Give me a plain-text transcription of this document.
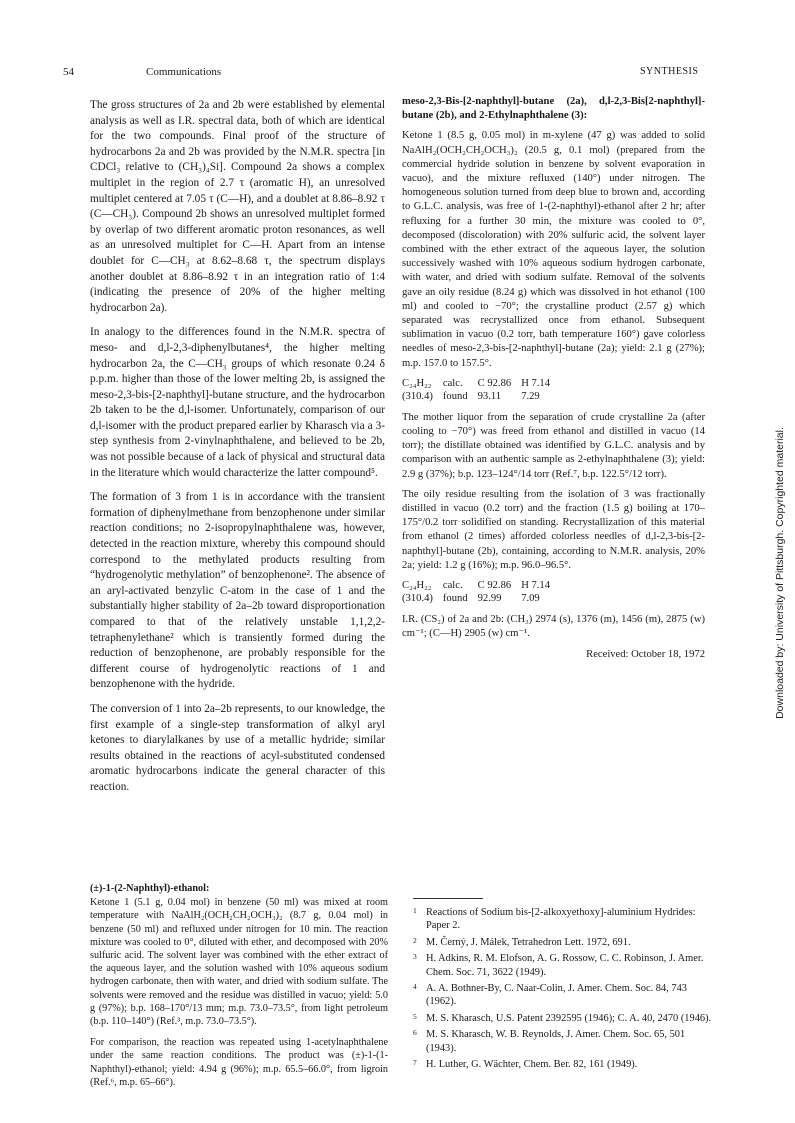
54	Communications	SYNTHESIS

The gross structures of 2a and 2b were established by elemental analysis as well as I.R. spectral data, both of which are identical for the two compounds. Final proof of the structure of hydrocarbons 2a and 2b was provided by the N.M.R. spectra [in CDCl₃ relative to (CH₃)₄Si]. Compound 2a shows a complex multiplet in the region of 2.7 τ (aromatic H), an unresolved multiplet centered at 7.05 τ (C—H), and a doublet at 8.86–8.92 τ (C—CH₃). Compound 2b shows an unresolved multiplet formed by overlap of two different aromatic proton resonances, as well as an unresolved multiplet for C—H. Apart from an intense doublet for C—CH₃ at 8.62–8.68 τ, the spectrum displays another doublet at 8.86–8.92 τ in an integration ratio of 1:4 (indicating the presence of 20% of the higher melting hydrocarbon 2a).

In analogy to the differences found in the N.M.R. spectra of meso- and d,l-2,3-diphenylbutanes⁴, the higher melting hydrocarbon 2a, the C—CH₃ groups of which resonate 0.24 δ p.p.m. higher than those of the lower melting 2b, is assigned the meso-2,3-bis-[2-naphthyl]-butane structure, and the hydrocarbon 2b taken to be the d,l-isomer. Unfortunately, comparison of our d,l-isomer with the product prepared earlier by Kharasch via a 3-step synthesis from 2-vinylnaphthalene, and believed to be 2b, was not possible because of a lack of physical and structural data in the literature which would characterize the latter compound⁵.

The formation of 3 from 1 is in accordance with the transient formation of diphenylmethane from benzophenone under similar reaction conditions; no 2-isopropylnaphthalene was, however, detected in the reaction mixture, whereby this compound should correspond to the methylated products resulting from “hydrogenolytic methylation” of benzophenone². The absence of an aryl-activated benzylic C-atom in the case of 1 and the substantially higher stability of 2a–2b toward disproportionation compared to that of the relatively unstable 1,1,2,2-tetraphenylethane² which is transiently formed during the reduction of benzophenone, are probably responsible for the different course of hydrogenolytic reactions of 1 and benzophenone with the hydride.

The conversion of 1 into 2a–2b represents, to our knowledge, the first example of a single-step transformation of alkyl aryl ketones to diarylalkanes by use of a metallic hydride; similar results obtained in the reactions of acyl-substituted condensed aromatic hydrocarbons indicate the general character of this reaction.

(±)-1-(2-Naphthyl)-ethanol:

Ketone 1 (5.1 g, 0.04 mol) in benzene (50 ml) was mixed at room temperature with NaAlH₂(OCH₂CH₂OCH₃)₂ (8.7 g, 0.04 mol) in benzene (50 ml) and refluxed under nitrogen for 10 min. The reaction mixture was cooled to 0°, diluted with ether, and decomposed with 20% sulfuric acid. The solvent layer was combined with the ether extract of the aqueous layer, and the solution washed with 10% aqueous sodium hydrogen carbonate, then with water, and dried with sodium sulfate. The solvents were removed and the residue was distilled in vacuo; yield: 5.0 g (97%); b.p. 168–170°/13 mm; m.p. 73.0–73.5°, from light petroleum (b.p. 110–140°) (Ref.³, m.p. 73.0–73.5°).

For comparison, the reaction was repeated using 1-acetylnaphthalene under the same reaction conditions. The product was (±)-1-(1-Naphthyl)-ethanol; yield: 4.94 g (96%); m.p. 65.5–66.0°, from ligroin (Ref.⁶, m.p. 65–66°).

meso-2,3-Bis-[2-naphthyl]-butane (2a), d,l-2,3-Bis[2-naphthyl]-butane (2b), and 2-Ethylnaphthalene (3):

Ketone 1 (8.5 g, 0.05 mol) in m-xylene (47 g) was added to solid NaAlH₂(OCH₂CH₂OCH₃)₂ (20.5 g, 0.1 mol) (prepared from the commercial hydride solution in benzene by solvent evaporation in vacuo), and the mixture refluxed (140°) under nitrogen. The homogeneous solution turned from deep blue to brown and, according to G.L.C. analysis, was free of 1-(2-naphthyl)-ethanol after 2 hr; after refluxing for a further 30 min, the mixture was cooled to 0°, decomposed (discoloration) with 20% sulfuric acid, the solvent layer combined with the ether extract of the aqueous layer, the solution successively washed with 10% aqueous sodium hydrogen carbonate, with water, and dried with sodium sulfate. Removal of the solvents gave an oily residue (8.24 g) which was dissolved in hot ethanol (100 ml) and cooled to −70°; the crystalline product (2.57 g) which separated was recrystallized once from ethanol. Subsequent sublimation in vacuo (0.2 torr, bath temperature 160°) gave colorless needles of meso-2,3-bis-[2-naphthyl]-butane (2a); yield: 2.1 g (27%); m.p. 157.0 to 157.5°.

C₂₄H₂₂	calc.	C 92.86	H 7.14
(310.4)	found	93.11	7.29

The mother liquor from the separation of crude crystalline 2a (after cooling to −70°) was freed from ethanol and distilled in vacuo (14 torr); the distillate obtained was identified by G.L.C. analysis and by comparison with an authentic sample as 2-ethylnaphthalene (3); yield: 2.9 g (37%); b.p. 123–124°/14 torr (Ref.⁷, b.p. 122.5°/12 torr).

The oily residue resulting from the isolation of 3 was fractionally distilled in vacuo (0.2 torr) and the fraction (1.5 g) boiling at 170–175°/0.2 torr solidified on standing. Recrystallization of this material from ethanol (2 times) afforded colorless needles of d,l-2,3-bis-[2-naphthyl]-butane (2b), containing, according to N.M.R. analysis, 20% 2a; yield: 1.2 g (16%); m.p. 96.0–96.5°.

C₂₄H₂₂	calc.	C 92.86	H 7.14
(310.4)	found	92.99	7.09

I.R. (CS₂) of 2a and 2b: (CH₃) 2974 (s), 1376 (m), 1456 (m), 2875 (w) cm⁻¹; (C—H) 2905 (w) cm⁻¹.

Received: October 18, 1972

1 Reactions of Sodium bis-[2-alkoxyethoxy]-aluminium Hydrides: Paper 2.
2 M. Černý, J. Málek, Tetrahedron Lett. 1972, 691.
3 H. Adkins, R. M. Elofson, A. G. Rossow, C. C. Robinson, J. Amer. Chem. Soc. 71, 3622 (1949).
4 A. A. Bothner-By, C. Naar-Colin, J. Amer. Chem. Soc. 84, 743 (1962).
5 M. S. Kharasch, U.S. Patent 2392595 (1946); C. A. 40, 2470 (1946).
6 M. S. Kharasch, W. B. Reynolds, J. Amer. Chem. Soc. 65, 501 (1943).
7 H. Luther, G. Wächter, Chem. Ber. 82, 161 (1949).
Downloaded by: University of Pittsburgh. Copyrighted material.
